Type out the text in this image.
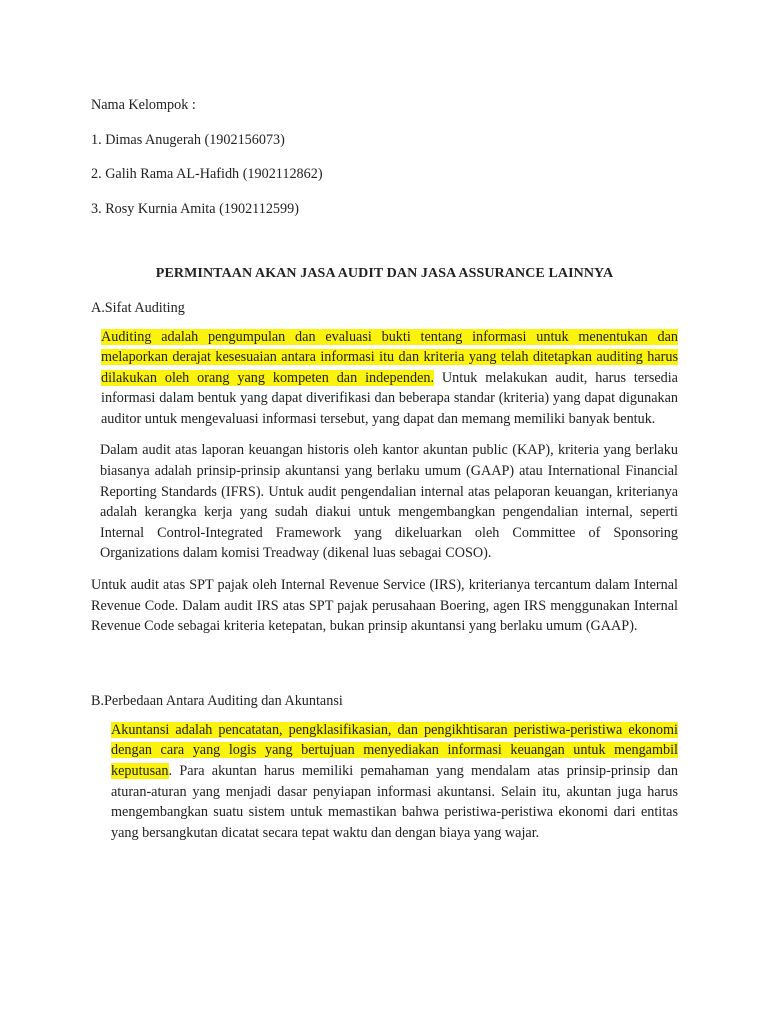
Nama Kelompok :

1. Dimas Anugerah (1902156073)

2. Galih Rama AL-Hafidh (1902112862)

3. Rosy Kurnia Amita (1902112599)

PERMINTAAN AKAN JASA AUDIT DAN JASA ASSURANCE LAINNYA

A.Sifat Auditing

Auditing adalah pengumpulan dan evaluasi bukti tentang informasi untuk menentukan dan melaporkan derajat kesesuaian antara informasi itu dan kriteria yang telah ditetapkan auditing harus dilakukan oleh orang yang kompeten dan independen. Untuk melakukan audit, harus tersedia informasi dalam bentuk yang dapat diverifikasi dan beberapa standar (kriteria) yang dapat digunakan auditor untuk mengevaluasi informasi tersebut, yang dapat dan memang memiliki banyak bentuk.

Dalam audit atas laporan keuangan historis oleh kantor akuntan public (KAP), kriteria yang berlaku biasanya adalah prinsip-prinsip akuntansi yang berlaku umum (GAAP) atau International Financial Reporting Standards (IFRS). Untuk audit pengendalian internal atas pelaporan keuangan, kriterianya adalah kerangka kerja yang sudah diakui untuk mengembangkan pengendalian internal, seperti Internal Control-Integrated Framework yang dikeluarkan oleh Committee of Sponsoring Organizations dalam komisi Treadway (dikenal luas sebagai COSO).

Untuk audit atas SPT pajak oleh Internal Revenue Service (IRS), kriterianya tercantum dalam Internal Revenue Code. Dalam audit IRS atas SPT pajak perusahaan Boering, agen IRS menggunakan Internal Revenue Code sebagai kriteria ketepatan, bukan prinsip akuntansi yang berlaku umum (GAAP).

B.Perbedaan Antara Auditing dan Akuntansi

Akuntansi adalah pencatatan, pengklasifikasian, dan pengikhtisaran peristiwa-peristiwa ekonomi dengan cara yang logis yang bertujuan menyediakan informasi keuangan untuk mengambil keputusan. Para akuntan harus memiliki pemahaman yang mendalam atas prinsip-prinsip dan aturan-aturan yang menjadi dasar penyiapan informasi akuntansi. Selain itu, akuntan juga harus mengembangkan suatu sistem untuk memastikan bahwa peristiwa-peristiwa ekonomi dari entitas yang bersangkutan dicatat secara tepat waktu dan dengan biaya yang wajar.
